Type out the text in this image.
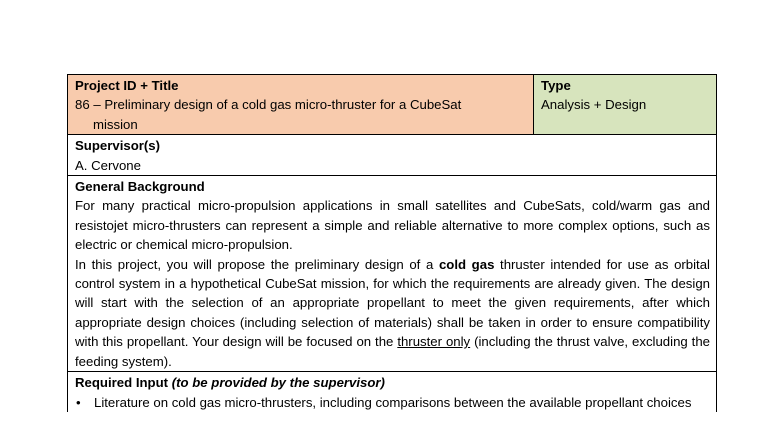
Project ID + Title
86 – Preliminary design of a cold gas micro-thruster for a CubeSat
mission

Type
Analysis + Design

Supervisor(s)
A. Cervone

General Background
For many practical micro-propulsion applications in small satellites and CubeSats, cold/warm gas and resistojet micro-thrusters can represent a simple and reliable alternative to more complex options, such as electric or chemical micro-propulsion.
In this project, you will propose the preliminary design of a cold gas thruster intended for use as orbital control system in a hypothetical CubeSat mission, for which the requirements are already given. The design will start with the selection of an appropriate propellant to meet the given requirements, after which appropriate design choices (including selection of materials) shall be taken in order to ensure compatibility with this propellant. Your design will be focused on the thruster only (including the thrust valve, excluding the feeding system).

Required Input (to be provided by the supervisor)
• Literature on cold gas micro-thrusters, including comparisons between the available propellant choices
